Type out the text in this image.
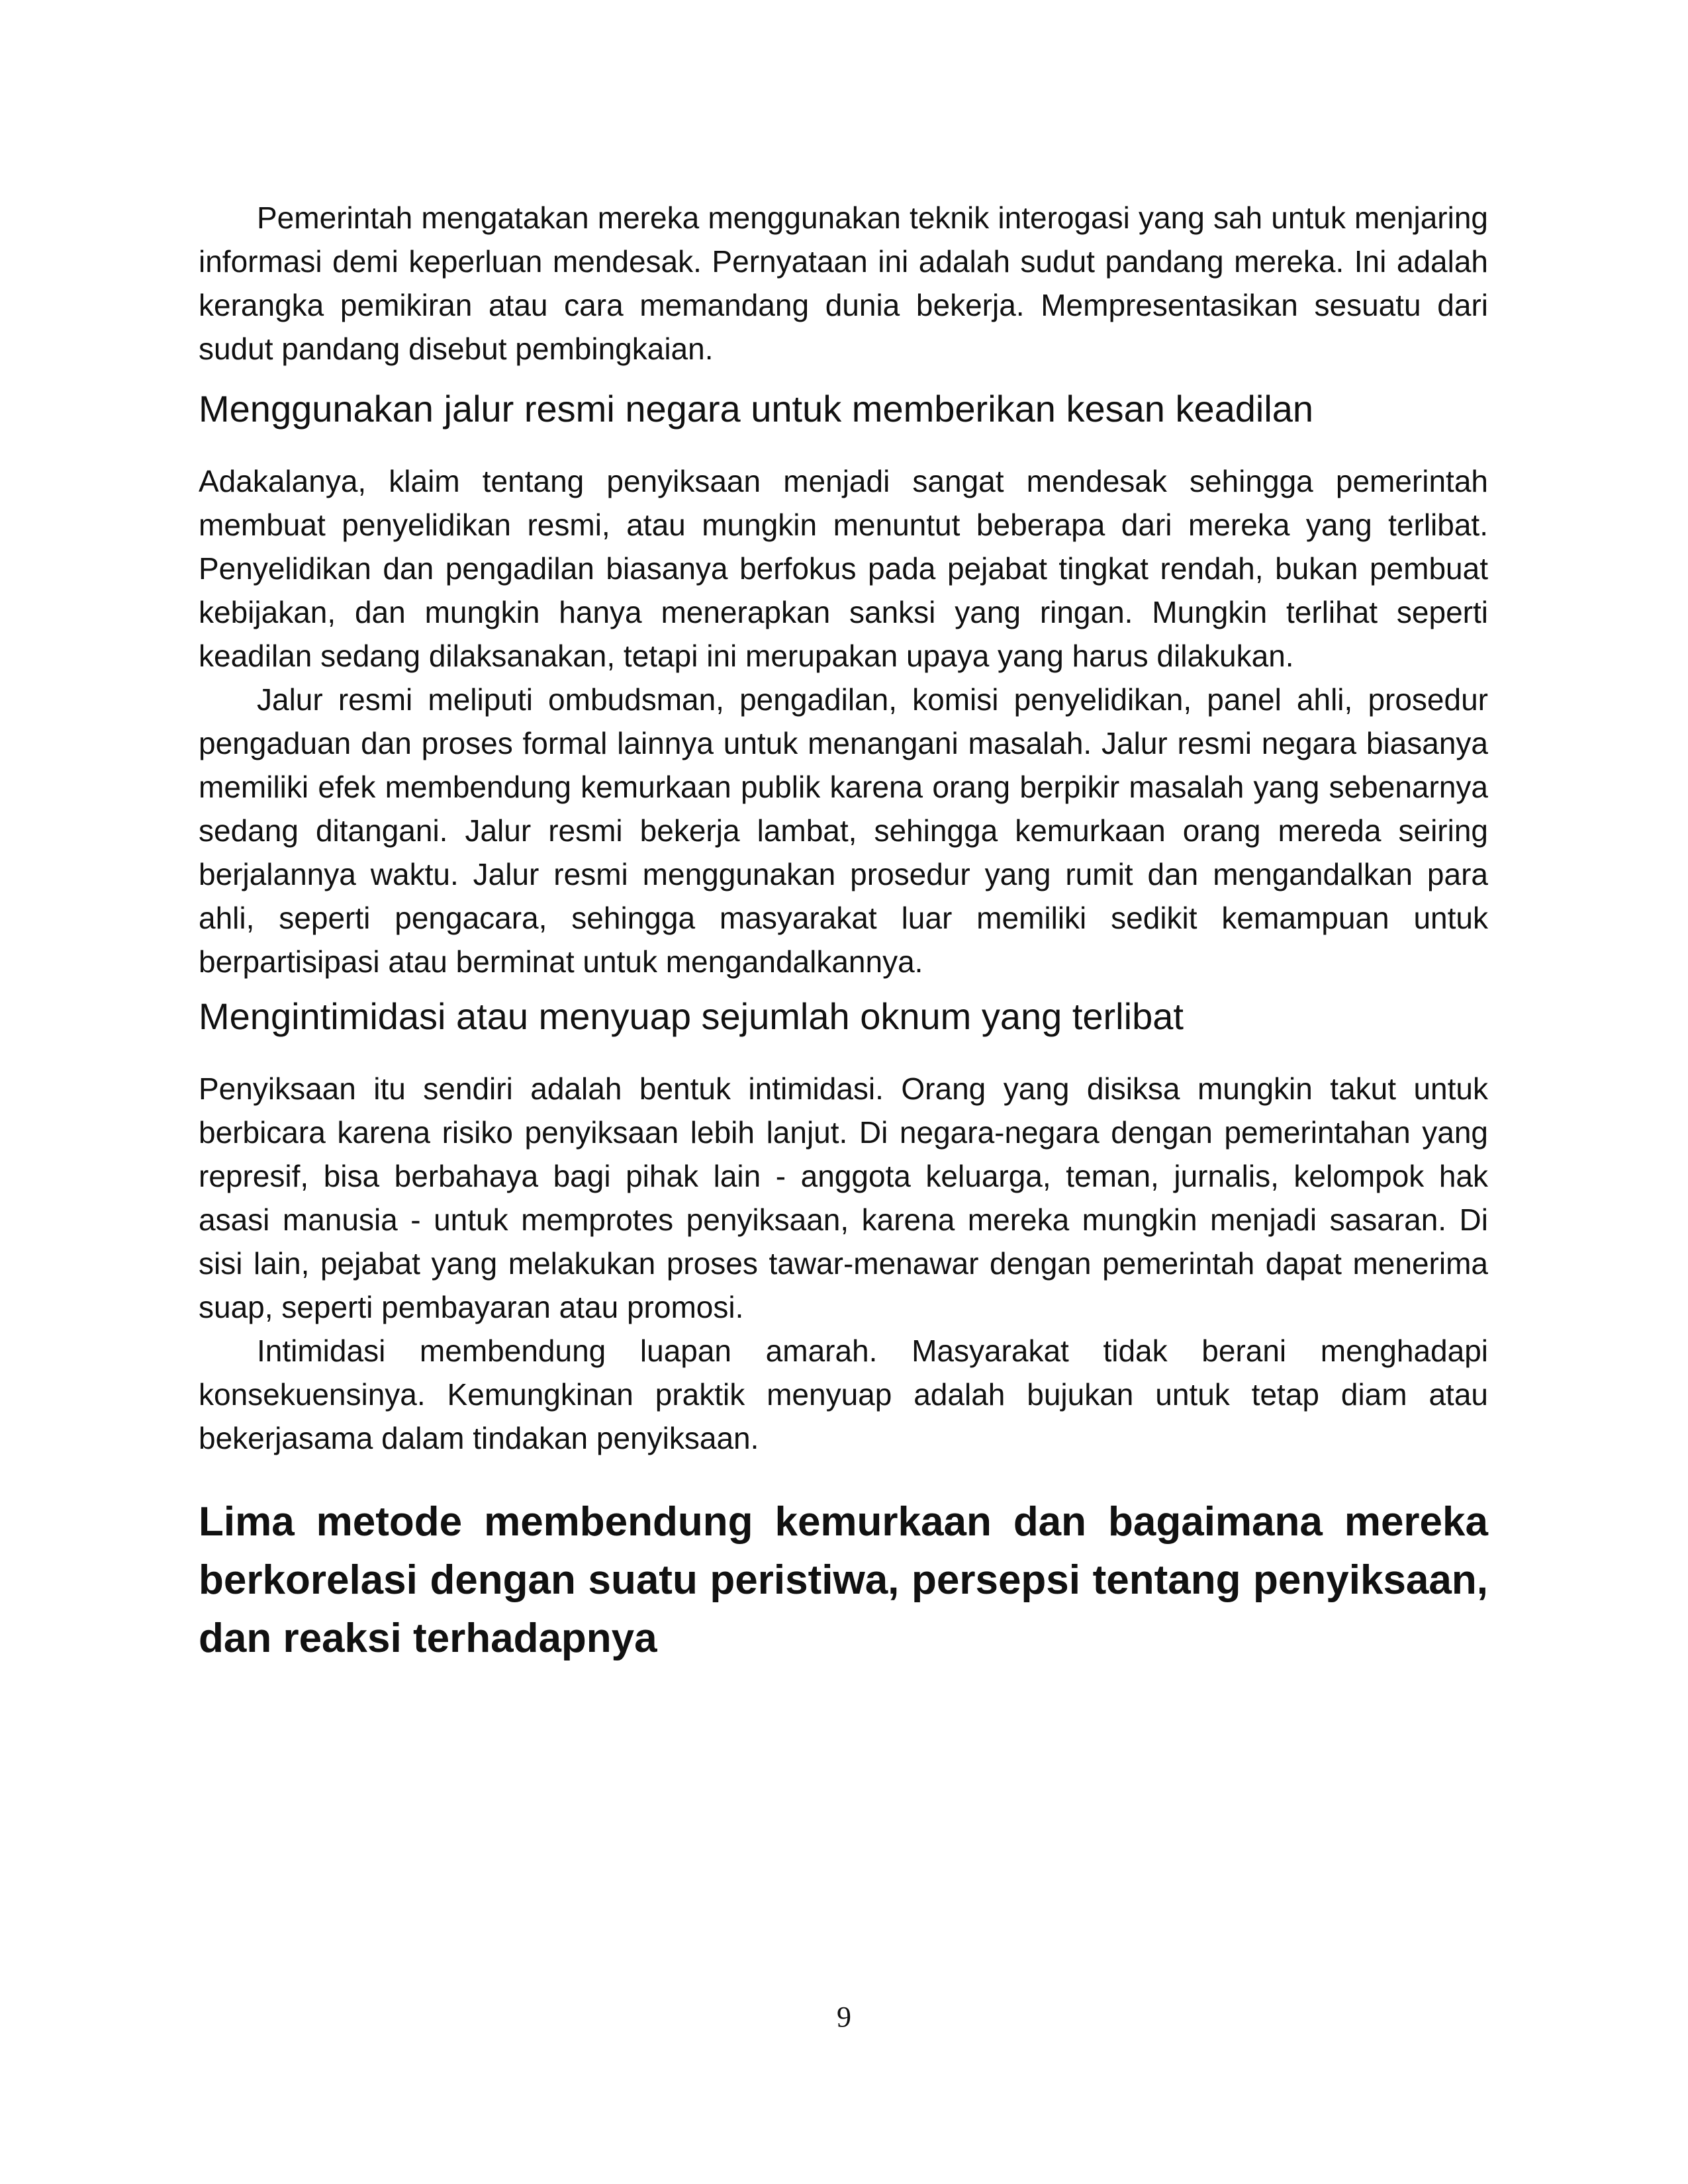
Pemerintah mengatakan mereka menggunakan teknik interogasi yang sah untuk menjaring informasi demi keperluan mendesak. Pernyataan ini adalah sudut pandang mereka. Ini adalah kerangka pemikiran atau cara memandang dunia bekerja. Mempresentasikan sesuatu dari sudut pandang disebut pembingkaian.

Menggunakan jalur resmi negara untuk memberikan kesan keadilan

Adakalanya, klaim tentang penyiksaan menjadi sangat mendesak sehingga pemerintah membuat penyelidikan resmi, atau mungkin menuntut beberapa dari mereka yang terlibat. Penyelidikan dan pengadilan biasanya berfokus pada pejabat tingkat rendah, bukan pembuat kebijakan, dan mungkin hanya menerapkan sanksi yang ringan. Mungkin terlihat seperti keadilan sedang dilaksanakan, tetapi ini merupakan upaya yang harus dilakukan.

Jalur resmi meliputi ombudsman, pengadilan, komisi penyelidikan, panel ahli, prosedur pengaduan dan proses formal lainnya untuk menangani masalah. Jalur resmi negara biasanya memiliki efek membendung kemurkaan publik karena orang berpikir masalah yang sebenarnya sedang ditangani. Jalur resmi bekerja lambat, sehingga kemurkaan orang mereda seiring berjalannya waktu. Jalur resmi menggunakan prosedur yang rumit dan mengandalkan para ahli, seperti pengacara, sehingga masyarakat luar memiliki sedikit kemampuan untuk berpartisipasi atau berminat untuk mengandalkannya.

Mengintimidasi atau menyuap sejumlah oknum yang terlibat

Penyiksaan itu sendiri adalah bentuk intimidasi. Orang yang disiksa mungkin takut untuk berbicara karena risiko penyiksaan lebih lanjut. Di negara-negara dengan pemerintahan yang represif, bisa berbahaya bagi pihak lain - anggota keluarga, teman, jurnalis, kelompok hak asasi manusia - untuk memprotes penyiksaan, karena mereka mungkin menjadi sasaran. Di sisi lain, pejabat yang melakukan proses tawar-menawar dengan pemerintah dapat menerima suap, seperti pembayaran atau promosi.

Intimidasi membendung luapan amarah. Masyarakat tidak berani menghadapi konsekuensinya. Kemungkinan praktik menyuap adalah bujukan untuk tetap diam atau bekerjasama dalam tindakan penyiksaan.

Lima metode membendung kemurkaan dan bagaimana mereka berkorelasi dengan suatu peristiwa, persepsi tentang penyiksaan, dan reaksi terhadapnya
9
